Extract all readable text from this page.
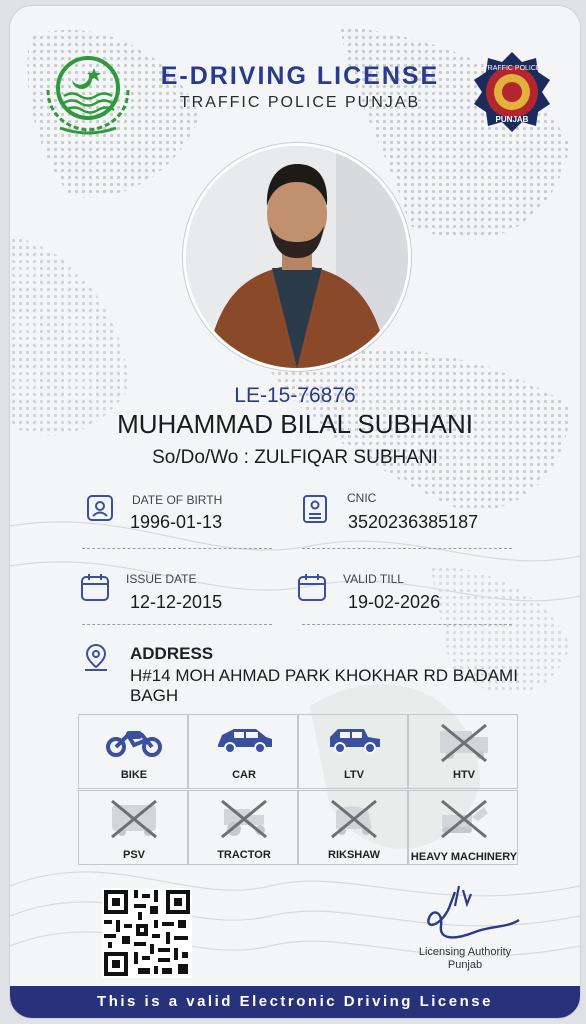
E-DRIVING LICENSE
TRAFFIC POLICE PUNJAB
TRAFFIC POLICE
PUNJAB
LE-15-76876
MUHAMMAD BILAL SUBHANI
So/Do/Wo : ZULFIQAR SUBHANI
DATE OF BIRTH
1996-01-13
CNIC
3520236385187
ISSUE DATE
12-12-2015
VALID TILL
19-02-2026
ADDRESS
H#14 MOH AHMAD PARK KHOKHAR RD BADAMI BAGH
BIKE	CAR	LTV	HTV
PSV	TRACTOR	RIKSHAW	HEAVY MACHINERY
Licensing Authority
Punjab
This is a valid Electronic Driving License
